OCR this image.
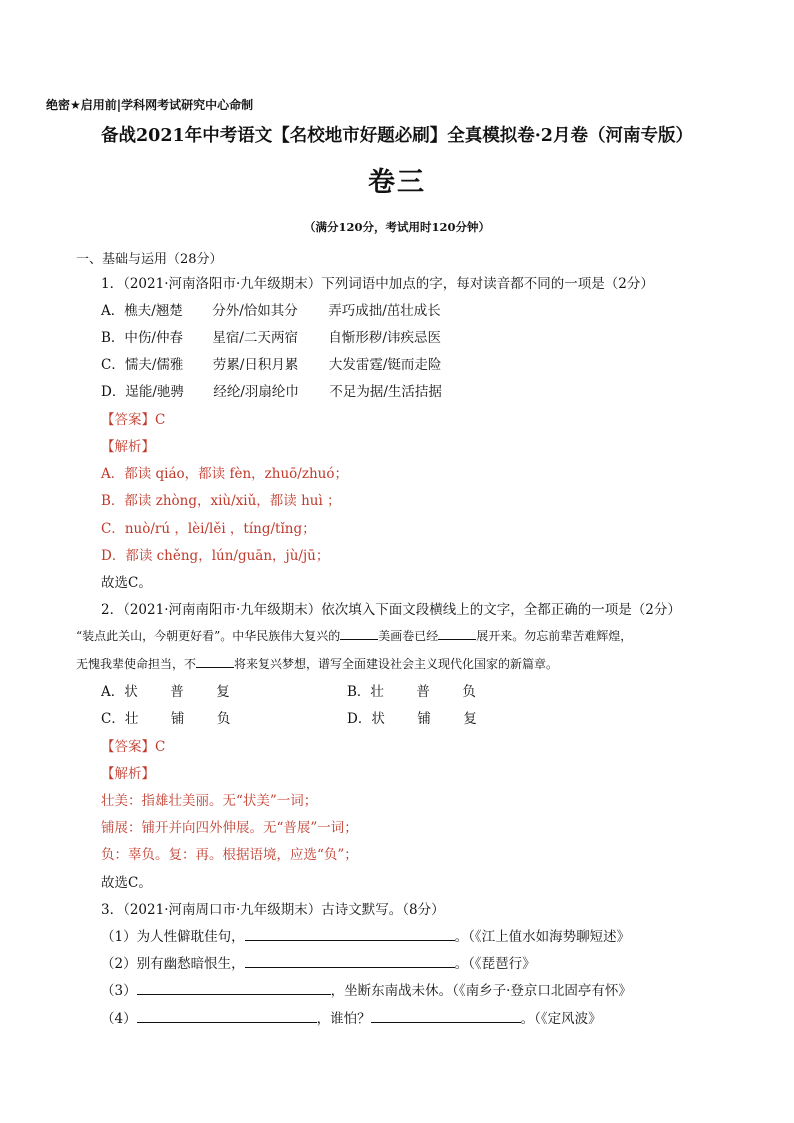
绝密★启用前|学科网考试研究中心命制
备战2021年中考语文【名校地市好题必刷】全真模拟卷·2月卷（河南专版）
卷三
（满分120分，考试用时120分钟）
一、基础与运用（28分）
1．（2021·河南洛阳市·九年级期末）下列词语中加点的字，每对读音都不同的一项是（2分）
A．樵夫/翘楚 分外/恰如其分 弄巧成拙/茁壮成长
B．中伤/仲春 星宿/二天两宿 自惭形秽/讳疾忌医
C．懦夫/儒雅 劳累/日积月累 大发雷霆/铤而走险
D．逞能/驰骋 经纶/羽扇纶巾 不足为据/生活拮据
【答案】C
【解析】
A．都读 qiáo，都读 fèn，zhuō/zhuó；
B．都读 zhòng，xiù/xiǔ，都读 huì ；
C．nuò/rú ，lèi/lěi ，tíng/tǐng；
D．都读 chěng，lún/guān，jù/jū；
故选C。
2．（2021·河南南阳市·九年级期末）依次填入下面文段横线上的文字，全都正确的一项是（2分）
“装点此关山，今朝更好看”。中华民族伟大复兴的	美画卷已经	展开来。勿忘前辈苦难辉煌，
无愧我辈使命担当，不	将来复兴梦想，谱写全面建设社会主义现代化国家的新篇章。
A．状 普 复	B．壮 普 负
C．壮 铺 负	D．状 铺 复
【答案】C
【解析】
壮美：指雄壮美丽。无“状美”一词；
铺展：铺开并向四外伸展。无“普展”一词；
负：辜负。复：再。根据语境，应选“负”；
故选C。
3．（2021·河南周口市·九年级期末）古诗文默写。（8分）
（1）为人性僻耽佳句，	。（《江上值水如海势聊短述》
（2）别有幽愁暗恨生，	。（《琵琶行》
（3）	，坐断东南战未休。（《南乡子·登京口北固亭有怀》
（4）	，谁怕？	。（《定风波》
